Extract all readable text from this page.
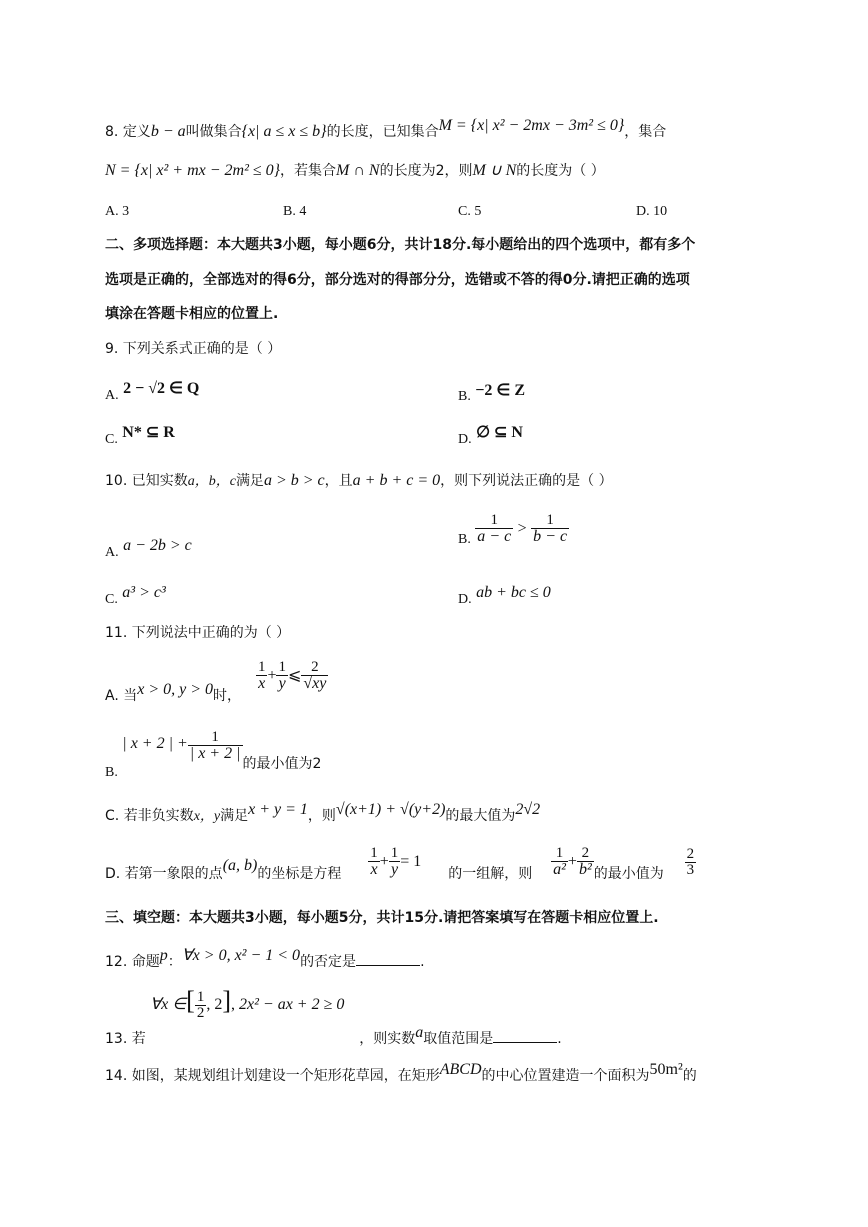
8. 定义b − a叫做集合{x| a ≤ x ≤ b}的长度，已知集合M = {x| x² − 2mx − 3m² ≤ 0}，集合
N = {x| x² + mx − 2m² ≤ 0}，若集合M ∩ N的长度为2，则M ∪ N的长度为（ ）
A. 3	B. 4	C. 5	D. 10
二、多项选择题：本大题共3小题，每小题6分，共计18分.每小题给出的四个选项中，都有多个
选项是正确的，全部选对的得6分，部分选对的得部分分，选错或不答的得0分.请把正确的选项
填涂在答题卡相应的位置上.
9. 下列关系式正确的是（ ）
A. 2 − √2 ∈ Q	B. −2 ∈ Z
C. N* ⊆ R	D. ∅ ⊆ N
10. 已知实数a，b，c满足a > b > c，且a + b + c = 0，则下列说法正确的是（ ）
A. a − 2b > c	B. $\frac{1}{a - c} > \frac{1}{b - c}$
C. a³ > c³	D. ab + bc ≤ 0
11. 下列说法中正确的为（ ）
A. 当x > 0, y > 0时，
$\frac{1}{x} + \frac{1}{y}$ ⩽ $\frac{2}{√xy}$
B. | x + 2 | + $\frac{1}{| x + 2 |}$
的最小值为2
C. 若非负实数x，y满足x + y = 1，则√(x+1) + √(y+2)的最大值为2√2
D. 若第一象限的点(a, b)的坐标是方程 $\frac{1}{x} + \frac{1}{y} = 1$  的一组解，则 $\frac{1}{\text{a²}} + \frac{2}{\text{b²}}$ 的最小值为 $\frac{2}{3}$
三、填空题：本大题共3小题，每小题5分，共计15分.请把答案填写在答题卡相应位置上.
12. 命题p：∀x > 0, x² − 1 < 0的否定是	.
13. 若 ∀x ∈[ $\frac{1}{2}$ , 2], 2x² − ax + 2 ≥ 0  ，则实数a取值范围是	.
14. 如图，某规划组计划建设一个矩形花草园，在矩形ABCD的中心位置建造一个面积为50m²的
